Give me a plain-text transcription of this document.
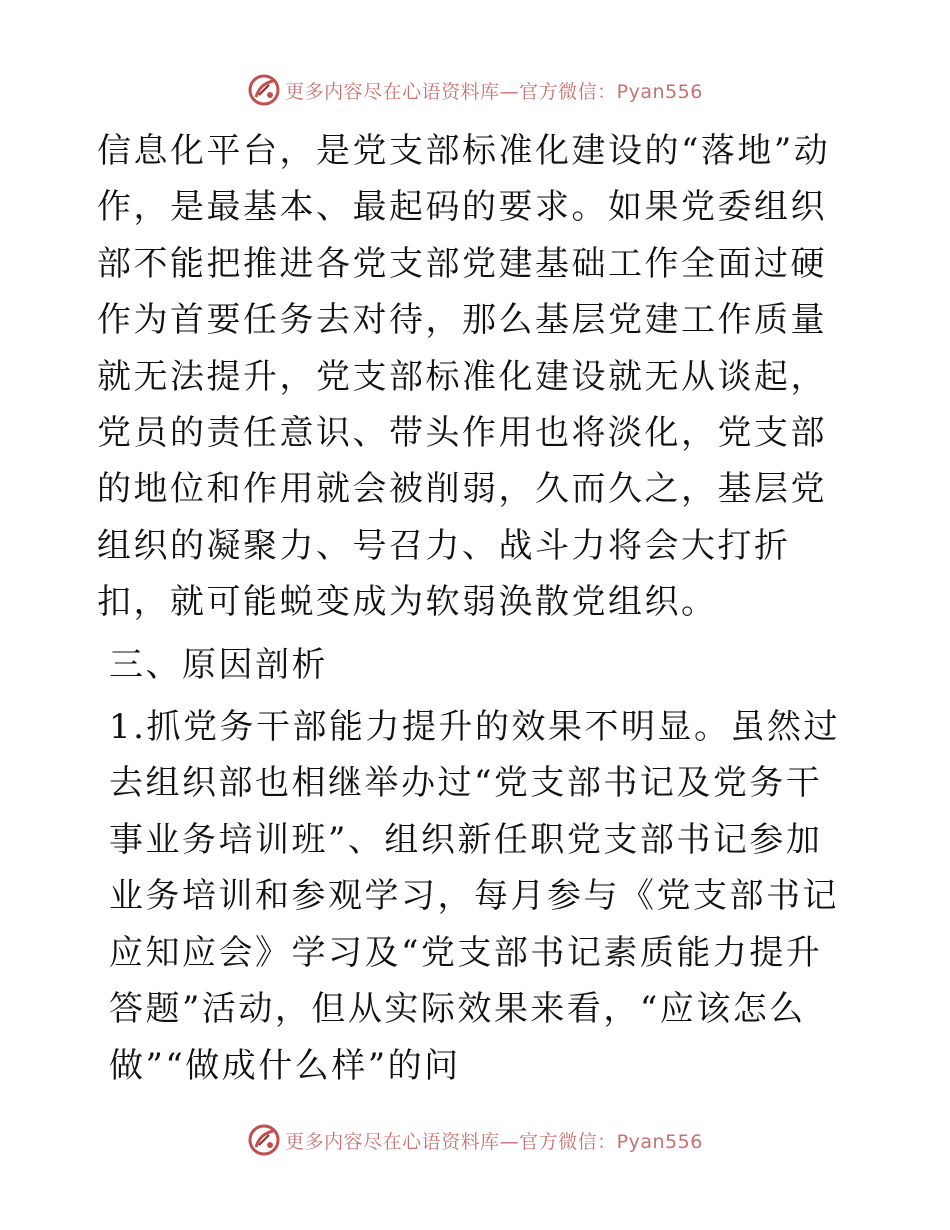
更多内容尽在心语资料库—官方微信：Pyan556

信息化平台，是党支部标准化建设的“落地”动作，是最基本、最起码的要求。如果党委组织部不能把推进各党支部党建基础工作全面过硬作为首要任务去对待，那么基层党建工作质量就无法提升，党支部标准化建设就无从谈起，党员的责任意识、带头作用也将淡化，党支部的地位和作用就会被削弱，久而久之，基层党组织的凝聚力、号召力、战斗力将会大打折扣，就可能蜕变成为软弱涣散党组织。

三、原因剖析

1.抓党务干部能力提升的效果不明显。虽然过去组织部也相继举办过“党支部书记及党务干事业务培训班”、组织新任职党支部书记参加业务培训和参观学习，每月参与《党支部书记应知应会》学习及“党支部书记素质能力提升答题”活动，但从实际效果来看，“应该怎么做”“做成什么样”的问

更多内容尽在心语资料库—官方微信：Pyan556
